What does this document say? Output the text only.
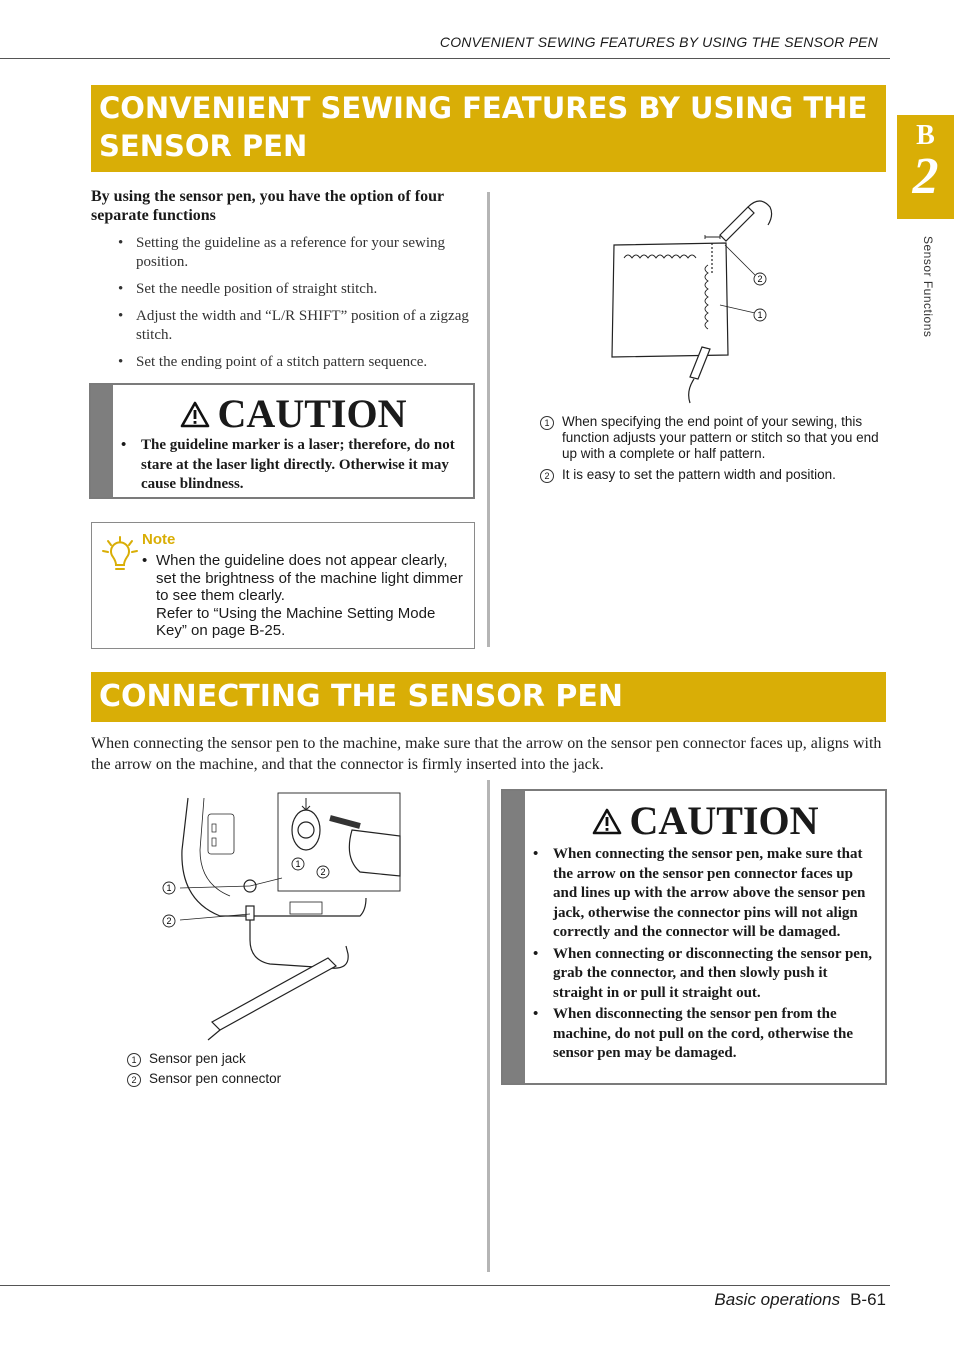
CONVENIENT SEWING FEATURES BY USING THE SENSOR PEN
B
2
Sensor Functions
CONVENIENT SEWING FEATURES BY USING THE SENSOR PEN
By using the sensor pen, you have the option of four separate functions
• Setting the guideline as a reference for your sewing position.
• Set the needle position of straight stitch.
• Adjust the width and “L/R SHIFT” position of a zigzag stitch.
• Set the ending point of a stitch pattern sequence.
CAUTION
• The guideline marker is a laser; therefore, do not stare at the laser light directly. Otherwise it may cause blindness.
Note
• When the guideline does not appear clearly, set the brightness of the machine light dimmer to see them clearly.
Refer to “Using the Machine Setting Mode Key” on page B-25.
2
1
1 When specifying the end point of your sewing, this function adjusts your pattern or stitch so that you end up with a complete or half pattern.
2 It is easy to set the pattern width and position.
CONNECTING THE SENSOR PEN
When connecting the sensor pen to the machine, make sure that the arrow on the sensor pen connector faces up, aligns with the arrow on the machine, and that the connector is firmly inserted into the jack.
1
2
1
2
1 Sensor pen jack
2 Sensor pen connector
CAUTION
• When connecting the sensor pen, make sure that the arrow on the sensor pen connector faces up and lines up with the arrow above the sensor pen jack, otherwise the connector pins will not align correctly and the connector will be damaged.
• When connecting or disconnecting the sensor pen, grab the connector, and then slowly push it straight in or pull it straight out.
• When disconnecting the sensor pen from the machine, do not pull on the cord, otherwise the sensor pen may be damaged.
Basic operations B-61
